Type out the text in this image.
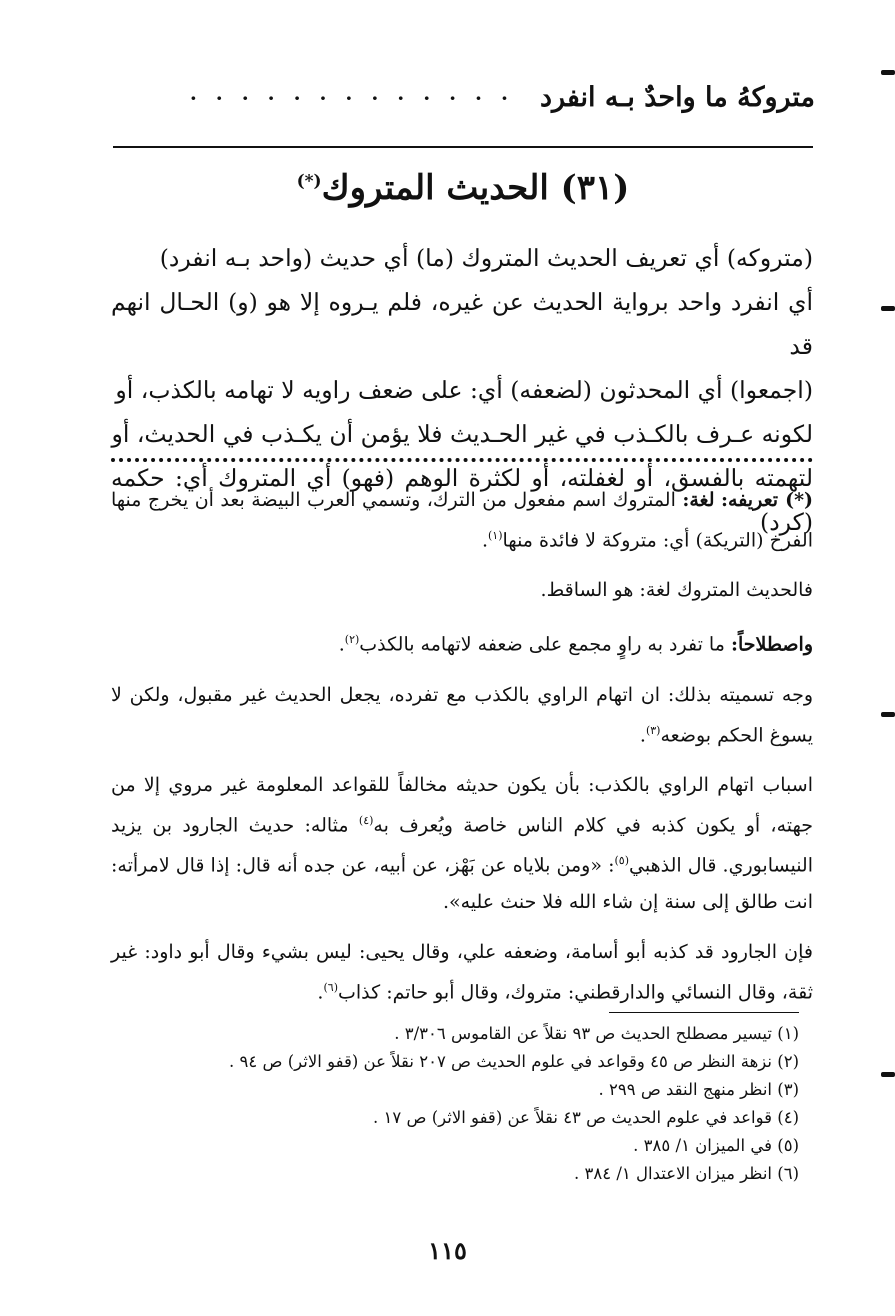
متروكهُ ما واحدٌ بـه انفرد
· · · · · · · · · · · · ·
(٣١) الحديث المتروك(*)

(متروكه) أي تعريف الحديث المتروك (ما) أي حديث (واحد بـه انفرد)

أي انفرد واحد برواية الحديث عن غيره، فلم يـروه إلا هو (و) الحـال انهم قد

(اجمعوا) أي المحدثون (لضعفه) أي: على ضعف راويه لا تهامه بالكذب، أو

لكونه عـرف بالكـذب في غير الحـديث فلا يؤمن أن يكـذب في الحديث، أو

لتهمته بالفسق، أو لغفلته، أو لكثرة الوهم (فهو) أي المتروك أي: حكمه (كرد)

(*) تعريفه: لغة: المتروك اسم مفعول من الترك، وتسمي العرب البيضة بعد أن يخرج منها الفرخ (التريكة) أي: متروكة لا فائدة منها$^{(١)}$.

فالحديث المتروك لغة: هو الساقط.

واصطلاحاً: ما تفرد به راوٍ مجمع على ضعفه لاتهامه بالكذب$^{(٢)}$.

وجه تسميته بذلك: ان اتهام الراوي بالكذب مع تفرده، يجعل الحديث غير مقبول، ولكن لا يسوغ الحكم بوضعه$^{(٣)}$.

اسباب اتهام الراوي بالكذب: بأن يكون حديثه مخالفاً للقواعد المعلومة غير مروي إلا من جهته، أو يكون كذبه في كلام الناس خاصة ويُعرف به$^{(٤)}$ مثاله: حديث الجارود بن يزيد النيسابوري. قال الذهبي$^{(٥)}$: «ومن بلاياه عن بَهْز، عن أبيه، عن جده أنه قال: إذا قال لامرأته: انت طالق إلى سنة إن شاء الله فلا حنث عليه».

فإن الجارود قد كذبه أبو أسامة، وضعفه علي، وقال يحيى: ليس بشيء وقال أبو داود: غير ثقة، وقال النسائي والدارقطني: متروك، وقال أبو حاتم: كذاب$^{(٦)}$.

(١) تيسير مصطلح الحديث ص ٩٣ نقلاً عن القاموس ٣/٣٠٦ .
(٢) نزهة النظر ص ٤٥ وقواعد في علوم الحديث ص ٢٠٧ نقلاً عن (قفو الاثر) ص ٩٤ .
(٣) انظر منهج النقد ص ٢٩٩ .
(٤) قواعد في علوم الحديث ص ٤٣ نقلاً عن (قفو الاثر) ص ١٧ .
(٥) في الميزان ١/ ٣٨٥ .
(٦) انظر ميزان الاعتدال ١/ ٣٨٤ .
١١٥
